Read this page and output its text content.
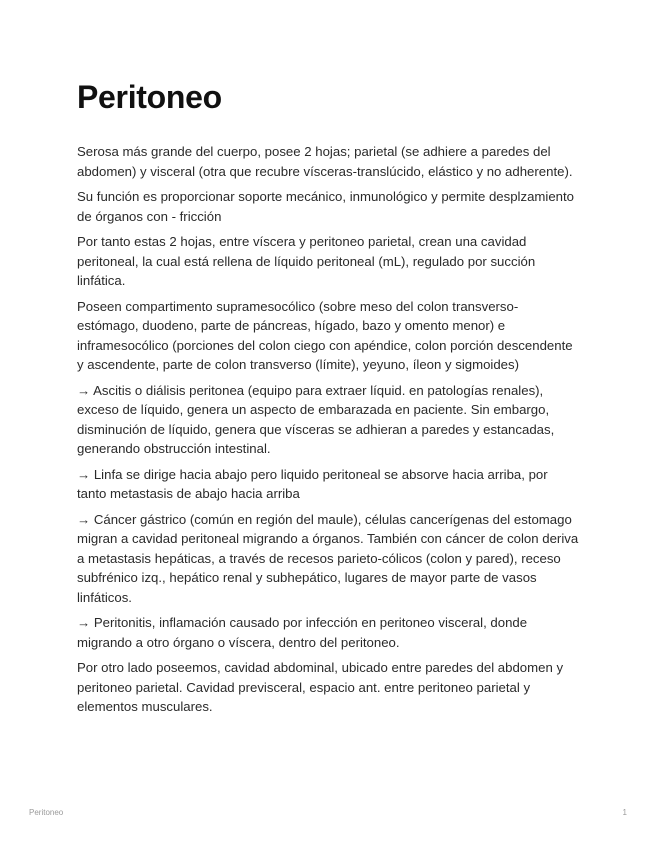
Peritoneo

Serosa más grande del cuerpo, posee 2 hojas; parietal (se adhiere a paredes del abdomen) y visceral (otra que recubre vísceras-translúcido, elástico y no adherente).

Su función es proporcionar soporte mecánico, inmunológico y permite desplzamiento de órganos con - fricción

Por tanto estas 2 hojas, entre víscera y peritoneo parietal, crean una cavidad peritoneal, la cual está rellena de líquido peritoneal (mL), regulado por succión linfática.

Poseen compartimento supramesocólico (sobre meso del colon transverso- estómago, duodeno, parte de páncreas, hígado, bazo y omento menor) e inframesocólico (porciones del colon ciego con apéndice, colon porción descendente y ascendente, parte de colon transverso (límite), yeyuno, íleon y sigmoides)

→ Ascitis o diálisis peritonea (equipo para extraer líquid. en patologías renales), exceso de líquido, genera un aspecto de embarazada en paciente. Sin embargo, disminución de líquido, genera que vísceras se adhieran a paredes y estancadas, generando obstrucción intestinal.

→ Linfa se dirige hacia abajo pero liquido peritoneal se absorve hacia arriba, por tanto metastasis de abajo hacia arriba

→ Cáncer gástrico (común en región del maule), células cancerígenas del estomago migran a cavidad peritoneal migrando a órganos. También con cáncer de colon deriva a metastasis hepáticas, a través de recesos parieto-cólicos (colon y pared), receso subfrénico izq., hepático renal y subhepático, lugares de mayor parte de vasos linfáticos.

→ Peritonitis, inflamación causado por infección en peritoneo visceral, donde migrando a otro órgano o víscera, dentro del peritoneo.

Por otro lado poseemos, cavidad abdominal, ubicado entre paredes del abdomen y peritoneo parietal. Cavidad previsceral, espacio ant. entre peritoneo parietal y elementos musculares.

Peritoneo	1
